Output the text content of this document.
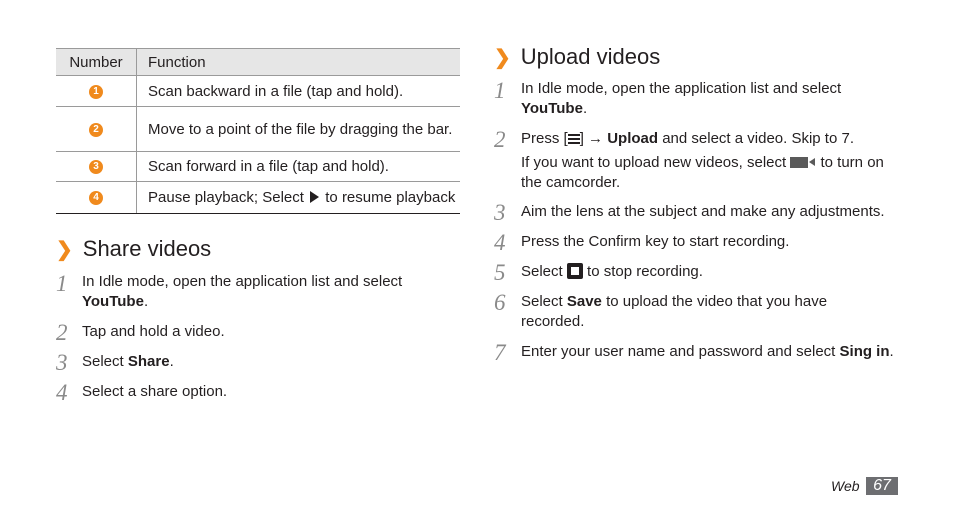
Number	Function
1	Scan backward in a file (tap and hold).
2	Move to a point of the file by dragging the bar.
3	Scan forward in a file (tap and hold).
4	Pause playback; Select  to resume playback
❯ Share videos
1 In Idle mode, open the application list and select YouTube.
2 Tap and hold a video.
3 Select Share.
4 Select a share option.
❯ Upload videos
1	In Idle mode, open the application list and select YouTube.
2	Press [ ] → Upload and select a video. Skip to 7.
If you want to upload new videos, select  to turn on the camcorder.
3	Aim the lens at the subject and make any adjustments.
4	Press the Confirm key to start recording.
5	Select  to stop recording.
6	Select Save to upload the video that you have recorded.
7	Enter your user name and password and select Sing in.
Web 67
